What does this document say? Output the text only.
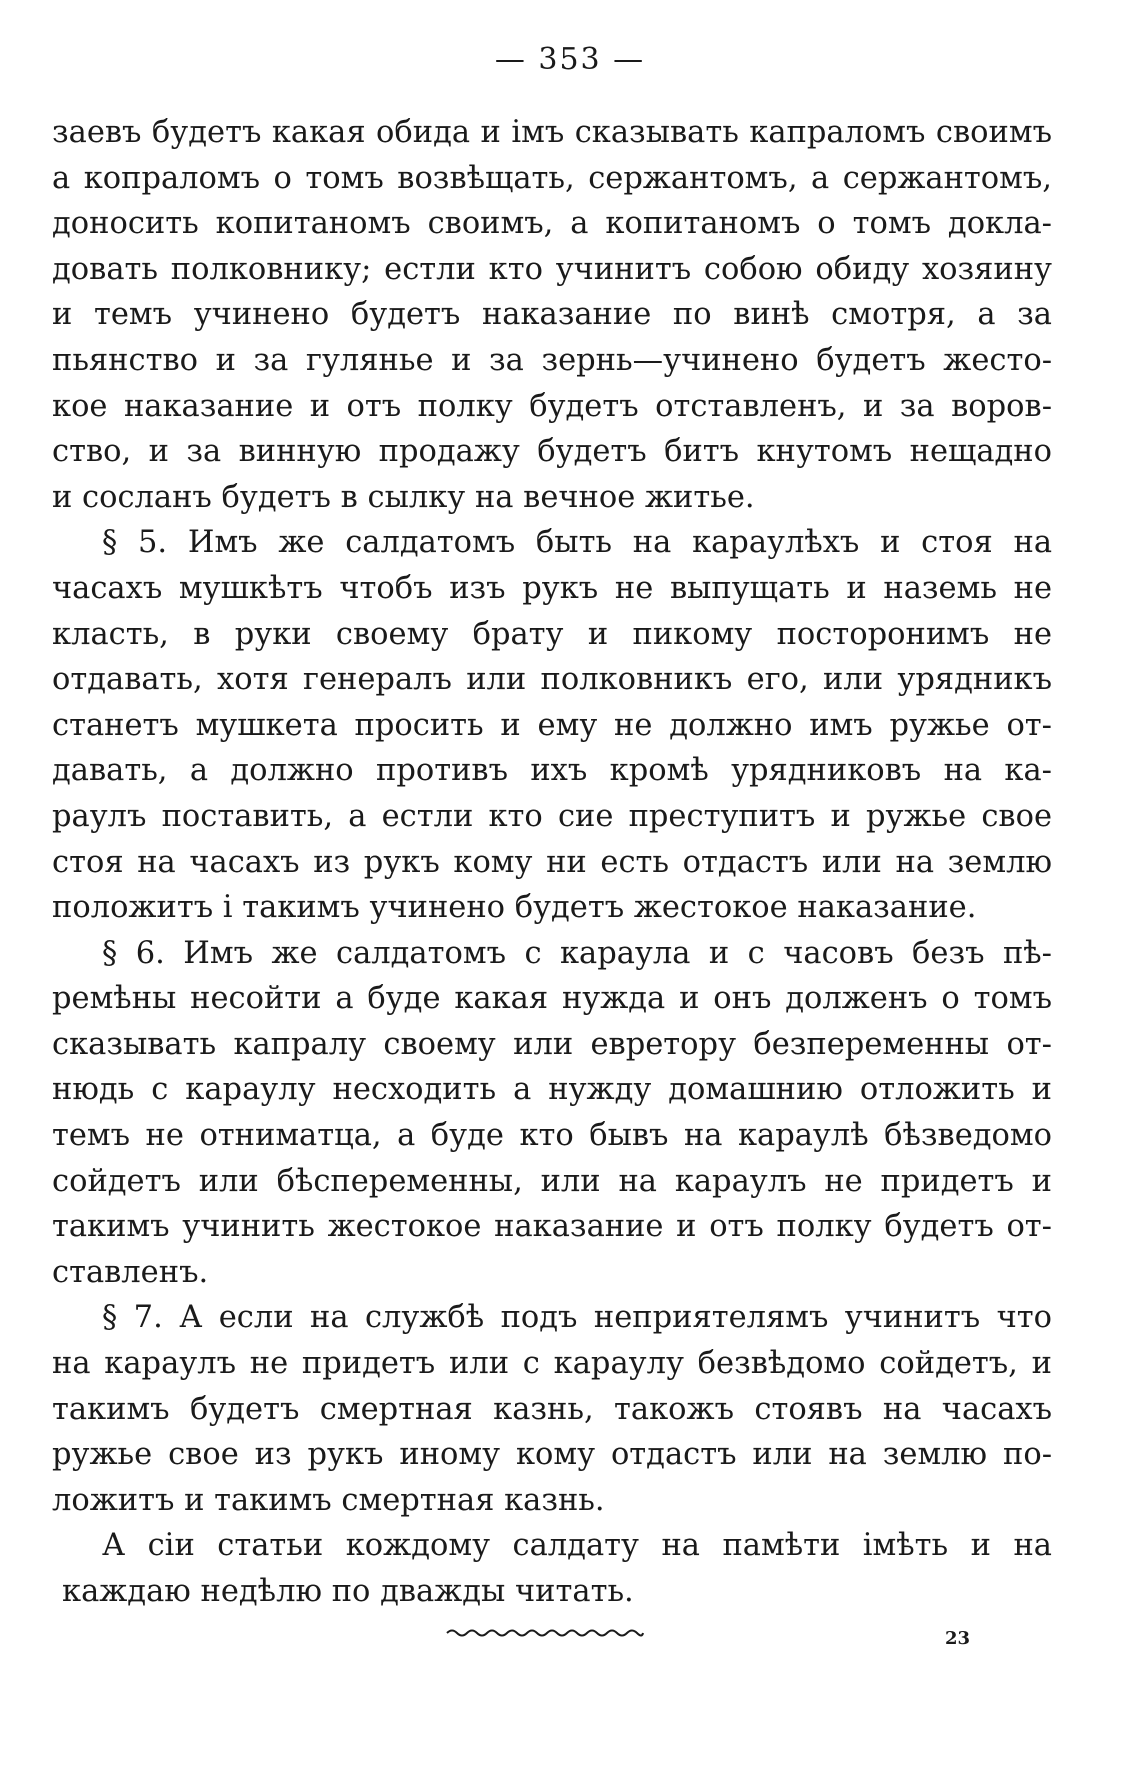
— 353 —
заевъ будетъ какая обида и імъ сказывать капраломъ своимъ
а копраломъ о томъ возвѣщать, сержантомъ, а сержантомъ,
доносить копитаномъ своимъ, а копитаномъ о томъ доклa-
довать полковнику; естли кто учинитъ собою обиду хозяину
и темъ учинено будетъ наказание по винѣ смотря, а за
пьянство и за гулянье и за зернь—учинено будетъ жесто-
кое наказание и отъ полку будетъ отставленъ, и за воров-
ство, и за винную продажу будетъ битъ кнутомъ нещадно
и сосланъ будетъ в сылку на вечное житье.
§ 5. Имъ же салдатомъ быть на караулѣхъ и стоя на
часахъ мушкѣтъ чтобъ изъ рукъ не выпущать и наземь не
класть, в руки своему брату и пикому посторонимъ не
отдавать, хотя генералъ или полковникъ его, или урядникъ
станетъ мушкета просить и ему не должно имъ ружье от-
давать, а должно противъ ихъ кромѣ урядниковъ на ка-
раулъ поставить, а естли кто сие преступитъ и ружье свое
стоя на часахъ из рукъ кому ни есть отдастъ или на землю
положитъ і такимъ учинено будетъ жестокое наказание.
§ 6. Имъ же салдатомъ с караула и с часовъ безъ пѣ-
ремѣны несойти а буде какая нужда и онъ долженъ о томъ
сказывать капралу своему или евретору безпеременны от-
нюдь с караулу несходить а нужду домашнию отложить и
темъ не отниматца, а буде кто бывъ на караулѣ бѣзведомо
сойдетъ или бѣспеременны, или на караулъ не придетъ и
такимъ учинить жестокое наказание и отъ полку будетъ от-
ставленъ.
§ 7. А если на службѣ подъ неприятелямъ учинитъ что
на караулъ не придетъ или с караулу безвѣдомо сойдетъ, и
такимъ будетъ смертная казнь, такожъ стоявъ на часахъ
ружье свое из рукъ иному кому отдастъ или на землю по-
ложитъ и такимъ смертная казнь.
А сіи статьи кождому салдату на памѣти імѣть и на
каждаю недѣлю по дважды читать.
23
